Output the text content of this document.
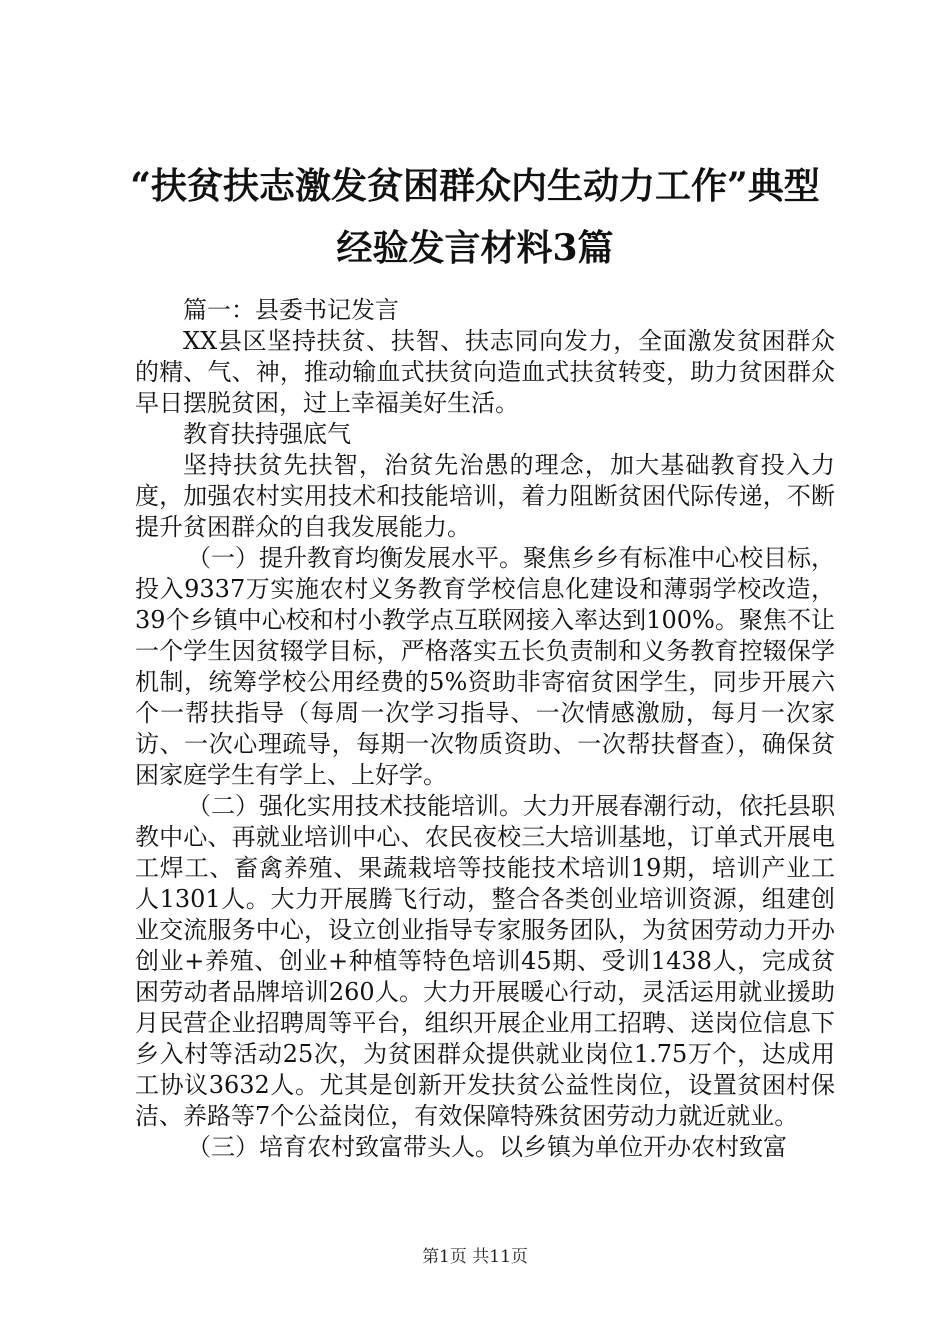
“扶贫扶志激发贫困群众内生动力工作”典型
经验发言材料3篇

篇一：县委书记发言

XX县区坚持扶贫、扶智、扶志同向发力，全面激发贫困群众的精、气、神，推动输血式扶贫向造血式扶贫转变，助力贫困群众早日摆脱贫困，过上幸福美好生活。

教育扶持强底气

坚持扶贫先扶智，治贫先治愚的理念，加大基础教育投入力度，加强农村实用技术和技能培训，着力阻断贫困代际传递，不断提升贫困群众的自我发展能力。

（一）提升教育均衡发展水平。聚焦乡乡有标准中心校目标，投入9337万实施农村义务教育学校信息化建设和薄弱学校改造，39个乡镇中心校和村小教学点互联网接入率达到100%。聚焦不让一个学生因贫辍学目标，严格落实五长负责制和义务教育控辍保学机制，统筹学校公用经费的5%资助非寄宿贫困学生，同步开展六个一帮扶指导（每周一次学习指导、一次情感激励，每月一次家访、一次心理疏导，每期一次物质资助、一次帮扶督查），确保贫困家庭学生有学上、上好学。

（二）强化实用技术技能培训。大力开展春潮行动，依托县职教中心、再就业培训中心、农民夜校三大培训基地，订单式开展电工焊工、畜禽养殖、果蔬栽培等技能技术培训19期，培训产业工人1301人。大力开展腾飞行动，整合各类创业培训资源，组建创业交流服务中心，设立创业指导专家服务团队，为贫困劳动力开办创业+养殖、创业+种植等特色培训45期、受训1438人，完成贫困劳动者品牌培训260人。大力开展暖心行动，灵活运用就业援助月民营企业招聘周等平台，组织开展企业用工招聘、送岗位信息下乡入村等活动25次，为贫困群众提供就业岗位1.75万个，达成用工协议3632人。尤其是创新开发扶贫公益性岗位，设置贫困村保洁、养路等7个公益岗位，有效保障特殊贫困劳动力就近就业。

（三）培育农村致富带头人。以乡镇为单位开办农村致富

第1页 共11页
